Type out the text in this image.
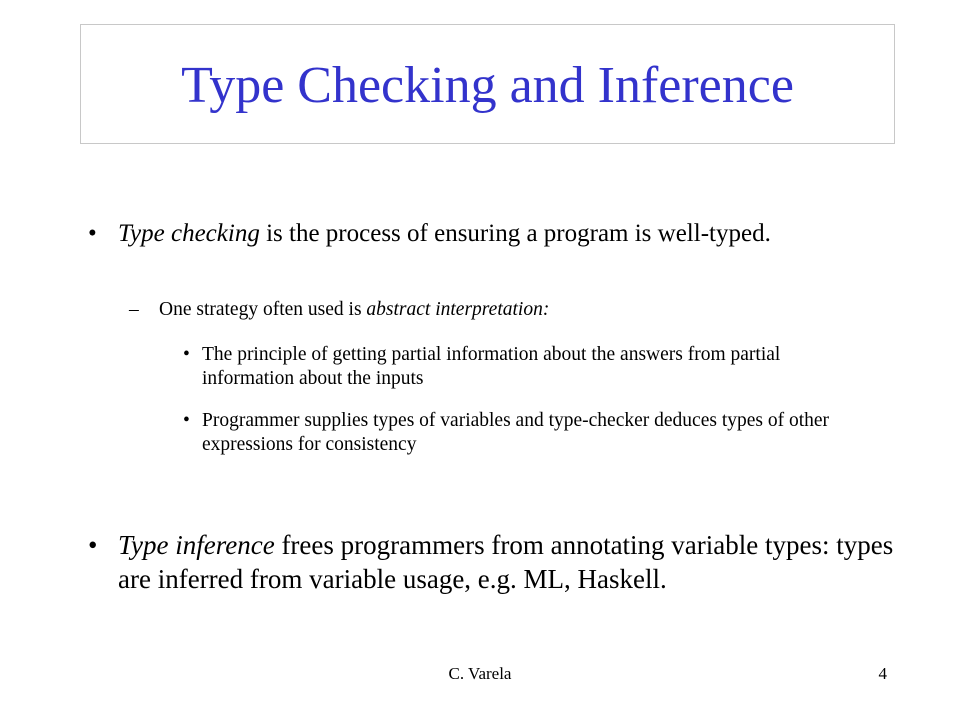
Type Checking and Inference
• Type checking is the process of ensuring a program is well-typed.
– One strategy often used is abstract interpretation:
• The principle of getting partial information about the answers from partial information about the inputs
• Programmer supplies types of variables and type-checker deduces types of other expressions for consistency
• Type inference frees programmers from annotating variable types: types are inferred from variable usage, e.g. ML, Haskell.
C. Varela	4
